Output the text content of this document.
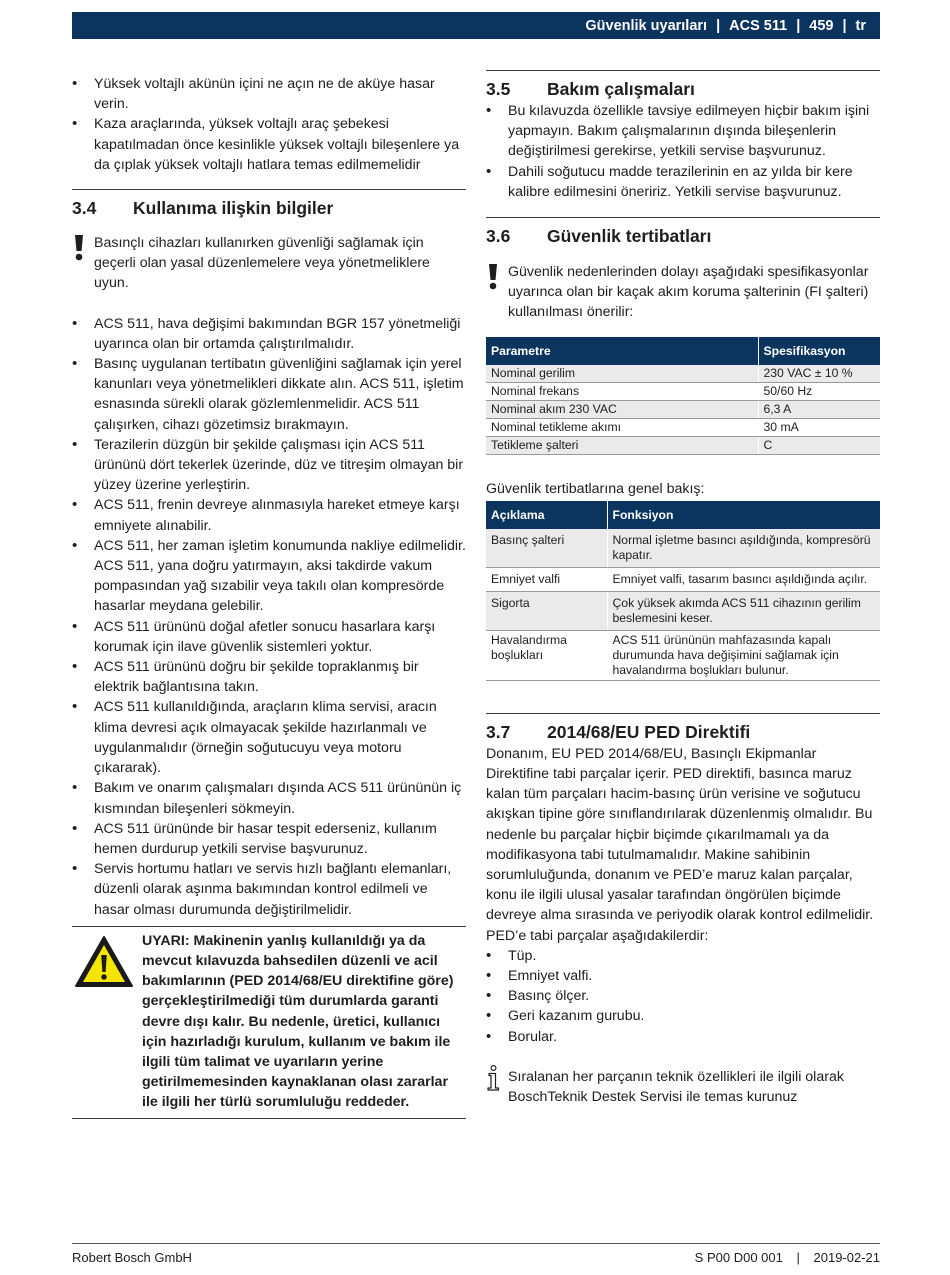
Güvenlik uyarıları | ACS 511 | 459 | tr
• Yüksek voltajlı akünün içini ne açın ne de aküye hasar verin.
• Kaza araçlarında, yüksek voltajlı araç şebekesi kapatılmadan önce kesinlikle yüksek voltajlı bileşenlere ya da çıplak yüksek voltajlı hatlara temas edilmemelidir
3.4	Kullanıma ilişkin bilgiler
Basınçlı cihazları kullanırken güvenliği sağlamak için geçerli olan yasal düzenlemelere veya yönetmeliklere uyun.
• ACS 511, hava değişimi bakımından BGR 157 yönetmeliği uyarınca olan bir ortamda çalıştırılmalıdır.
• Basınç uygulanan tertibatın güvenliğini sağlamak için yerel kanunları veya yönetmelikleri dikkate alın. ACS 511, işletim esnasında sürekli olarak gözlemlenmelidir. ACS 511 çalışırken, cihazı gözetimsiz bırakmayın.
• Terazilerin düzgün bir şekilde çalışması için ACS 511 ürününü dört tekerlek üzerinde, düz ve titreşim olmayan bir yüzey üzerine yerleştirin.
• ACS 511, frenin devreye alınmasıyla hareket etmeye karşı emniyete alınabilir.
• ACS 511, her zaman işletim konumunda nakliye edilmelidir. ACS 511, yana doğru yatırmayın, aksi takdirde vakum pompasından yağ sızabilir veya takılı olan kompresörde hasarlar meydana gelebilir.
• ACS 511 ürününü doğal afetler sonucu hasarlara karşı korumak için ilave güvenlik sistemleri yoktur.
• ACS 511 ürününü doğru bir şekilde topraklanmış bir elektrik bağlantısına takın.
• ACS 511 kullanıldığında, araçların klima servisi, aracın klima devresi açık olmayacak şekilde hazırlanmalı ve uygulanmalıdır (örneğin soğutucuyu veya motoru çıkararak).
• Bakım ve onarım çalışmaları dışında ACS 511 ürününün iç kısmından bileşenleri sökmeyin.
• ACS 511 ürününde bir hasar tespit ederseniz, kullanım hemen durdurup yetkili servise başvurunuz.
• Servis hortumu hatları ve servis hızlı bağlantı elemanları, düzenli olarak aşınma bakımından kontrol edilmeli ve hasar olması durumunda değiştirilmelidir.
UYARI: Makinenin yanlış kullanıldığı ya da mevcut kılavuzda bahsedilen düzenli ve acil bakımlarının (PED 2014/68/EU direktifine göre) gerçekleştirilmediği tüm durumlarda garanti devre dışı kalır. Bu nedenle, üretici, kullanıcı için hazırladığı kurulum, kullanım ve bakım ile ilgili tüm talimat ve uyarıların yerine getirilmemesinden kaynaklanan olası zararlar ile ilgili her türlü sorumluluğu reddeder.
3.5	Bakım çalışmaları
• Bu kılavuzda özellikle tavsiye edilmeyen hiçbir bakım işini yapmayın. Bakım çalışmalarının dışında bileşenlerin değiştirilmesi gerekirse, yetkili servise başvurunuz.
• Dahili soğutucu madde terazilerinin en az yılda bir kere kalibre edilmesini öneririz. Yetkili servise başvurunuz.
3.6	Güvenlik tertibatları
Güvenlik nedenlerinden dolayı aşağıdaki spesifikasyonlar uyarınca olan bir kaçak akım koruma şalterinin (FI şalteri) kullanılması önerilir:
Parametre	Spesifikasyon
Nominal gerilim	230 VAC ± 10 %
Nominal frekans	50/60 Hz
Nominal akım 230 VAC	6,3 A
Nominal tetikleme akımı	30 mA
Tetikleme şalteri	C
Güvenlik tertibatlarına genel bakış:
Açıklama	Fonksiyon
Basınç şalteri	Normal işletme basıncı aşıldığında, kompresörü kapatır.
Emniyet valfi	Emniyet valfi, tasarım basıncı aşıldığında açılır.
Sigorta	Çok yüksek akımda ACS 511 cihazının gerilim beslemesini keser.
Havalandırma boşlukları	ACS 511 ürününün mahfazasında kapalı durumunda hava değişimini sağlamak için havalandırma boşlukları bulunur.
3.7	2014/68/EU PED Direktifi
Donanım, EU PED 2014/68/EU, Basınçlı Ekipmanlar Direktifine tabi parçalar içerir. PED direktifi, basınca maruz kalan tüm parçaları hacim-basınç ürün verisine ve soğutucu akışkan tipine göre sınıflandırılarak düzenlenmiş olmalıdır. Bu nedenle bu parçalar hiçbir biçimde çıkarılmamalı ya da modifikasyona tabi tutulmamalıdır. Makine sahibinin sorumluluğunda, donanım ve PED’e maruz kalan parçalar, konu ile ilgili ulusal yasalar tarafından öngörülen biçimde devreye alma sırasında ve periyodik olarak kontrol edilmelidir.
PED’e tabi parçalar aşağıdakilerdir:
• Tüp.
• Emniyet valfi.
• Basınç ölçer.
• Geri kazanım gurubu.
• Borular.
Sıralanan her parçanın teknik özellikleri ile ilgili olarak BoschTeknik Destek Servisi ile temas kurunuz
Robert Bosch GmbH	S P00 D00 001 | 2019-02-21
